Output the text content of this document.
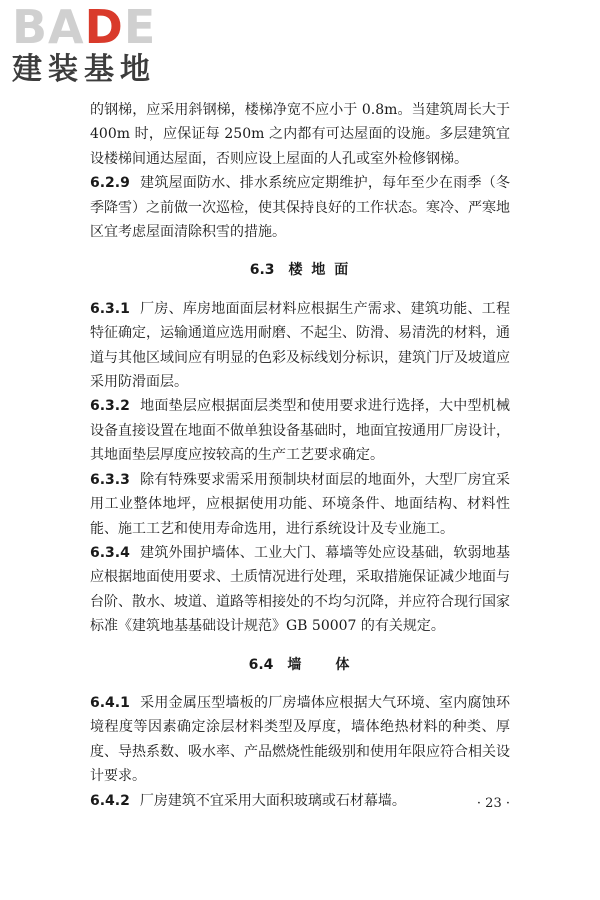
BADE
建装基地

的钢梯，应采用斜钢梯，楼梯净宽不应小于 0.8m。当建筑周长大于 400m 时，应保证每 250m 之内都有可达屋面的设施。多层建筑宜设楼梯间通达屋面，否则应设上屋面的人孔或室外检修钢梯。

6.2.9 建筑屋面防水、排水系统应定期维护，每年至少在雨季（冬季降雪）之前做一次巡检，使其保持良好的工作状态。寒冷、严寒地区宜考虑屋面清除积雪的措施。

6.3 楼 地 面

6.3.1 厂房、库房地面面层材料应根据生产需求、建筑功能、工程特征确定，运输通道应选用耐磨、不起尘、防滑、易清洗的材料，通道与其他区域间应有明显的色彩及标线划分标识，建筑门厅及坡道应采用防滑面层。

6.3.2 地面垫层应根据面层类型和使用要求进行选择，大中型机械设备直接设置在地面不做单独设备基础时，地面宜按通用厂房设计，其地面垫层厚度应按较高的生产工艺要求确定。

6.3.3 除有特殊要求需采用预制块材面层的地面外，大型厂房宜采用工业整体地坪，应根据使用功能、环境条件、地面结构、材料性能、施工工艺和使用寿命选用，进行系统设计及专业施工。

6.3.4 建筑外围护墙体、工业大门、幕墙等处应设基础，软弱地基应根据地面使用要求、土质情况进行处理，采取措施保证减少地面与台阶、散水、坡道、道路等相接处的不均匀沉降，并应符合现行国家标准《建筑地基基础设计规范》GB 50007 的有关规定。

6.4 墙　　体

6.4.1 采用金属压型墙板的厂房墙体应根据大气环境、室内腐蚀环境程度等因素确定涂层材料类型及厚度，墙体绝热材料的种类、厚度、导热系数、吸水率、产品燃烧性能级别和使用年限应符合相关设计要求。

6.4.2 厂房建筑不宜采用大面积玻璃或石材幕墙。	· 23 ·
